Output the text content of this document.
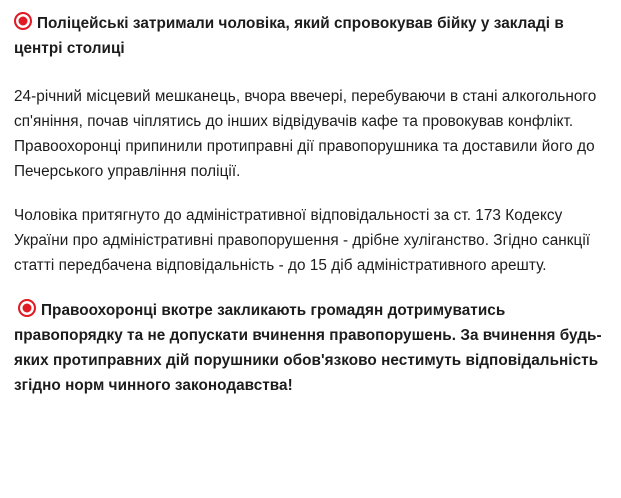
Поліцейські затримали чоловіка, який спровокував бійку у закладі в центрі столиці

24-річний місцевий мешканець, вчора ввечері, перебуваючи в стані алкогольного сп'яніння, почав чіплятись до інших відвідувачів кафе та провокував конфлікт. Правоохоронці припинили протиправні дії правопорушника та доставили його до Печерського управління поліції.

Чоловіка притягнуто до адміністративної відповідальності за ст. 173 Кодексу України про адміністративні правопорушення - дрібне хуліганство. Згідно санкції статті передбачена відповідальність - до 15 діб адміністративного арешту.

Правоохоронці вкотре закликають громадян дотримуватись правопорядку та не допускати вчинення правопорушень. За вчинення будь-яких протиправних дій порушники обов'язково нестимуть відповідальність згідно норм чинного законодавства!
